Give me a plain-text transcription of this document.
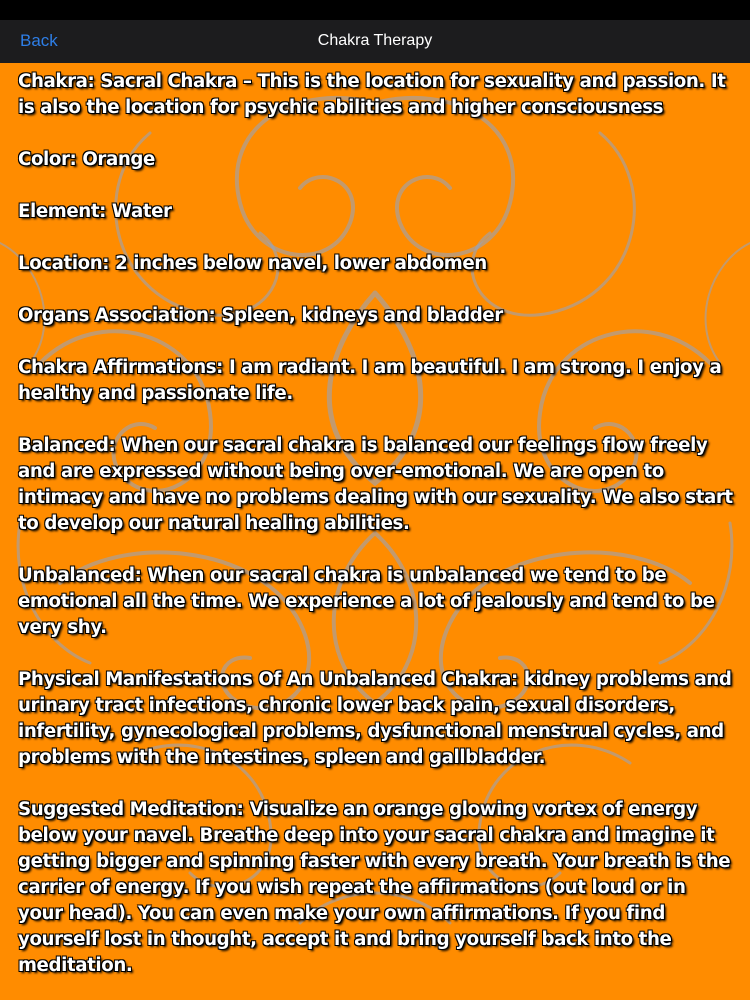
Back	Chakra Therapy

Chakra: Sacral Chakra – This is the location for sexuality and passion. It is also the location for psychic abilities and higher consciousness

Color: Orange

Element: Water

Location: 2 inches below navel, lower abdomen

Organs Association: Spleen, kidneys and bladder

Chakra Affirmations: I am radiant. I am beautiful. I am strong. I enjoy a healthy and passionate life.

Balanced: When our sacral chakra is balanced our feelings flow freely and are expressed without being over-emotional. We are open to intimacy and have no problems dealing with our sexuality. We also start to develop our natural healing abilities.

Unbalanced: When our sacral chakra is unbalanced we tend to be emotional all the time. We experience a lot of jealously and tend to be very shy.

Physical Manifestations Of An Unbalanced Chakra: kidney problems and urinary tract infections, chronic lower back pain, sexual disorders, infertility, gynecological problems, dysfunctional menstrual cycles, and problems with the intestines, spleen and gallbladder.

Suggested Meditation: Visualize an orange glowing vortex of energy below your navel. Breathe deep into your sacral chakra and imagine it getting bigger and spinning faster with every breath. Your breath is the carrier of energy. If you wish repeat the affirmations (out loud or in your head). You can even make your own affirmations. If you find yourself lost in thought, accept it and bring yourself back into the meditation.
